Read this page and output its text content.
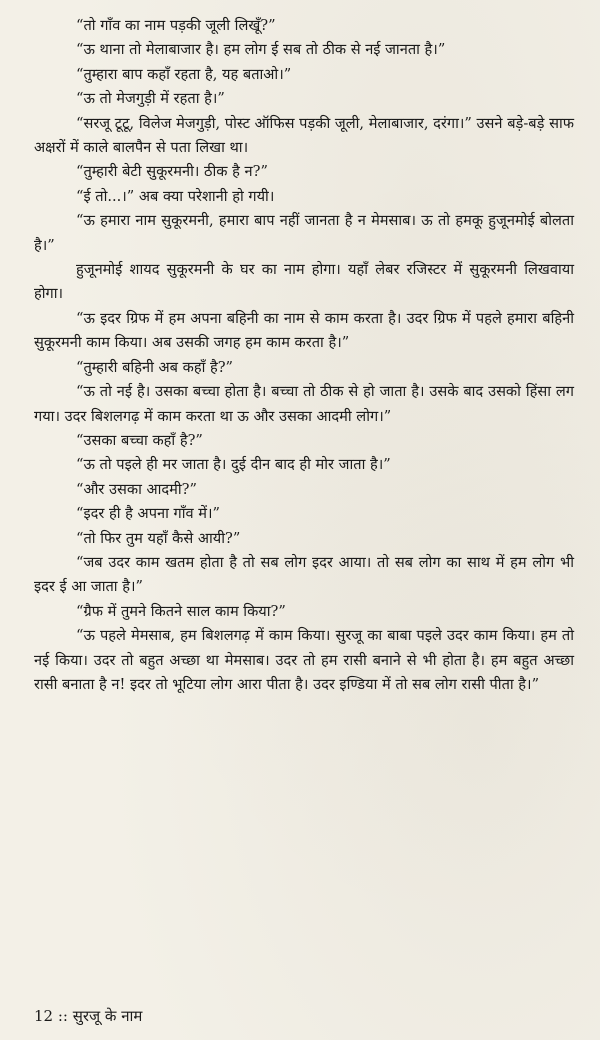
“तो गाँव का नाम पड़की जूली लिखूँ?”

“ऊ थाना तो मेलाबाजार है। हम लोग ई सब तो ठीक से नई जानता है।”

“तुम्हारा बाप कहाँ रहता है, यह बताओ।”

“ऊ तो मेजगुड़ी में रहता है।”

“सरजू टूटू, विलेज मेजगुड़ी, पोस्ट ऑफिस पड़की जूली, मेलाबाजार, दरंगा।” उसने बड़े-बड़े साफ अक्षरों में काले बालपैन से पता लिखा था।

“तुम्हारी बेटी सुकूरमनी। ठीक है न?”

“ई तो...।” अब क्या परेशानी हो गयी।

“ऊ हमारा नाम सुकूरमनी, हमारा बाप नहीं जानता है न मेमसाब। ऊ तो हमकू हुजूनमोई बोलता है।”

हुजूनमोई शायद सुकूरमनी के घर का नाम होगा। यहाँ लेबर रजिस्टर में सुकूरमनी लिखवाया होगा।

“ऊ इदर ग्रिफ में हम अपना बहिनी का नाम से काम करता है। उदर ग्रिफ में पहले हमारा बहिनी सुकूरमनी काम किया। अब उसकी जगह हम काम करता है।”

“तुम्हारी बहिनी अब कहाँ है?”

“ऊ तो नई है। उसका बच्चा होता है। बच्चा तो ठीक से हो जाता है। उसके बाद उसको हिंसा लग गया। उदर बिशलगढ़ में काम करता था ऊ और उसका आदमी लोग।”

“उसका बच्चा कहाँ है?”

“ऊ तो पइले ही मर जाता है। दुई दीन बाद ही मोर जाता है।”

“और उसका आदमी?”

“इदर ही है अपना गाँव में।”

“तो फिर तुम यहाँ कैसे आयी?”

“जब उदर काम खतम होता है तो सब लोग इदर आया। तो सब लोग का साथ में हम लोग भी इदर ई आ जाता है।”

“ग्रैफ में तुमने कितने साल काम किया?”

“ऊ पहले मेमसाब, हम बिशलगढ़ में काम किया। सुरजू का बाबा पइले उदर काम किया। हम तो नई किया। उदर तो बहुत अच्छा था मेमसाब। उदर तो हम रासी बनाने से भी होता है। हम बहुत अच्छा रासी बनाता है न! इदर तो भूटिया लोग आरा पीता है। उदर इण्डिया में तो सब लोग रासी पीता है।”

12 :: सुरजू के नाम
